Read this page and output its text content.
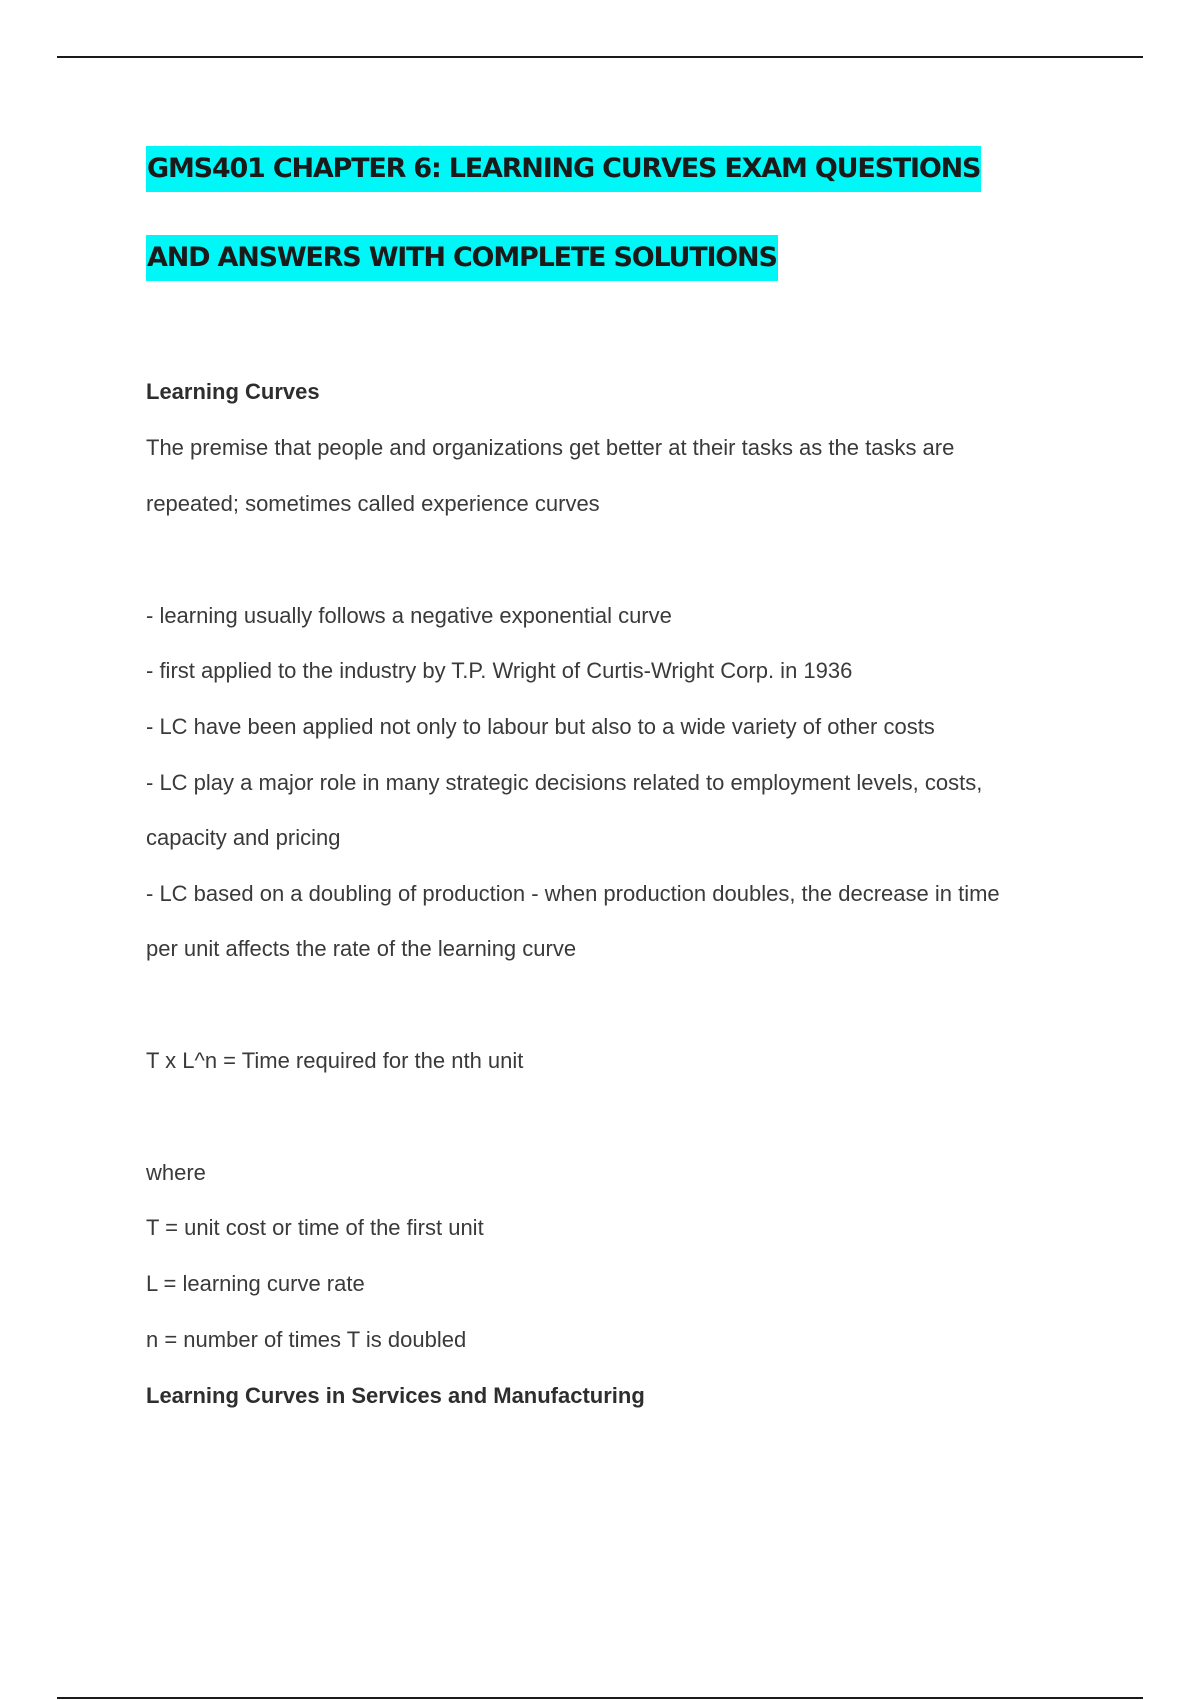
GMS401 CHAPTER 6: LEARNING CURVES EXAM QUESTIONS
AND ANSWERS WITH COMPLETE SOLUTIONS
Learning Curves
The premise that people and organizations get better at their tasks as the tasks are
repeated; sometimes called experience curves
- learning usually follows a negative exponential curve
- first applied to the industry by T.P. Wright of Curtis-Wright Corp. in 1936
- LC have been applied not only to labour but also to a wide variety of other costs
- LC play a major role in many strategic decisions related to employment levels, costs,
capacity and pricing
- LC based on a doubling of production - when production doubles, the decrease in time
per unit affects the rate of the learning curve
T x L^n = Time required for the nth unit
where
T = unit cost or time of the first unit
L = learning curve rate
n = number of times T is doubled
Learning Curves in Services and Manufacturing
